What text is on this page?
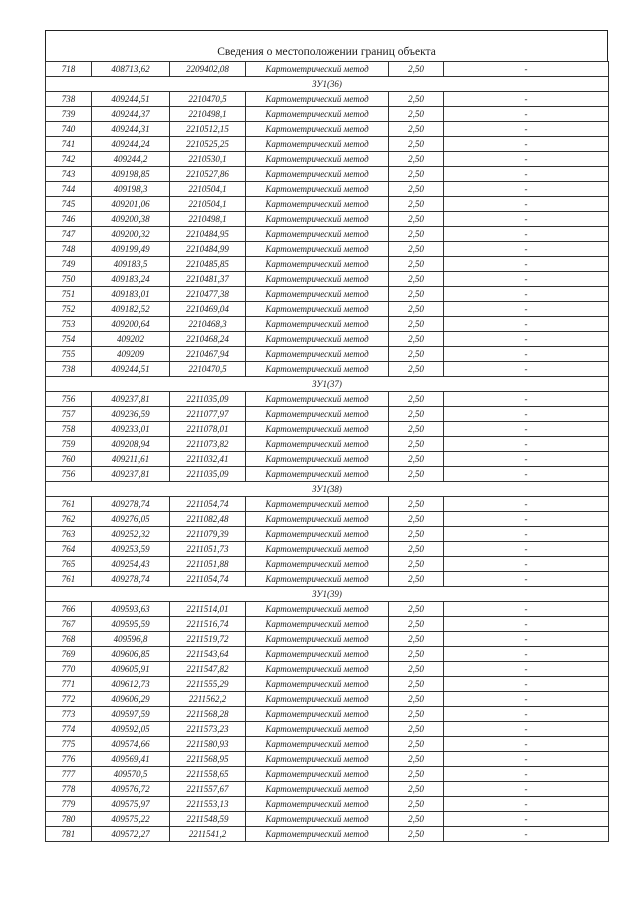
Сведения о местоположении границ объекта
718	408713,62	2209402,08	Картометрический метод	2,50	-
ЗУ1(36)					
738	409244,51	2210470,5	Картометрический метод	2,50	-
739	409244,37	2210498,1	Картометрический метод	2,50	-
740	409244,31	2210512,15	Картометрический метод	2,50	-
741	409244,24	2210525,25	Картометрический метод	2,50	-
742	409244,2	2210530,1	Картометрический метод	2,50	-
743	409198,85	2210527,86	Картометрический метод	2,50	-
744	409198,3	2210504,1	Картометрический метод	2,50	-
745	409201,06	2210504,1	Картометрический метод	2,50	-
746	409200,38	2210498,1	Картометрический метод	2,50	-
747	409200,32	2210484,95	Картометрический метод	2,50	-
748	409199,49	2210484,99	Картометрический метод	2,50	-
749	409183,5	2210485,85	Картометрический метод	2,50	-
750	409183,24	2210481,37	Картометрический метод	2,50	-
751	409183,01	2210477,38	Картометрический метод	2,50	-
752	409182,52	2210469,04	Картометрический метод	2,50	-
753	409200,64	2210468,3	Картометрический метод	2,50	-
754	409202	2210468,24	Картометрический метод	2,50	-
755	409209	2210467,94	Картометрический метод	2,50	-
738	409244,51	2210470,5	Картометрический метод	2,50	-
ЗУ1(37)					
756	409237,81	2211035,09	Картометрический метод	2,50	-
757	409236,59	2211077,97	Картометрический метод	2,50	-
758	409233,01	2211078,01	Картометрический метод	2,50	-
759	409208,94	2211073,82	Картометрический метод	2,50	-
760	409211,61	2211032,41	Картометрический метод	2,50	-
756	409237,81	2211035,09	Картометрический метод	2,50	-
ЗУ1(38)					
761	409278,74	2211054,74	Картометрический метод	2,50	-
762	409276,05	2211082,48	Картометрический метод	2,50	-
763	409252,32	2211079,39	Картометрический метод	2,50	-
764	409253,59	2211051,73	Картометрический метод	2,50	-
765	409254,43	2211051,88	Картометрический метод	2,50	-
761	409278,74	2211054,74	Картометрический метод	2,50	-
ЗУ1(39)					
766	409593,63	2211514,01	Картометрический метод	2,50	-
767	409595,59	2211516,74	Картометрический метод	2,50	-
768	409596,8	2211519,72	Картометрический метод	2,50	-
769	409606,85	2211543,64	Картометрический метод	2,50	-
770	409605,91	2211547,82	Картометрический метод	2,50	-
771	409612,73	2211555,29	Картометрический метод	2,50	-
772	409606,29	2211562,2	Картометрический метод	2,50	-
773	409597,59	2211568,28	Картометрический метод	2,50	-
774	409592,05	2211573,23	Картометрический метод	2,50	-
775	409574,66	2211580,93	Картометрический метод	2,50	-
776	409569,41	2211568,95	Картометрический метод	2,50	-
777	409570,5	2211558,65	Картометрический метод	2,50	-
778	409576,72	2211557,67	Картометрический метод	2,50	-
779	409575,97	2211553,13	Картометрический метод	2,50	-
780	409575,22	2211548,59	Картометрический метод	2,50	-
781	409572,27	2211541,2	Картометрический метод	2,50	-
